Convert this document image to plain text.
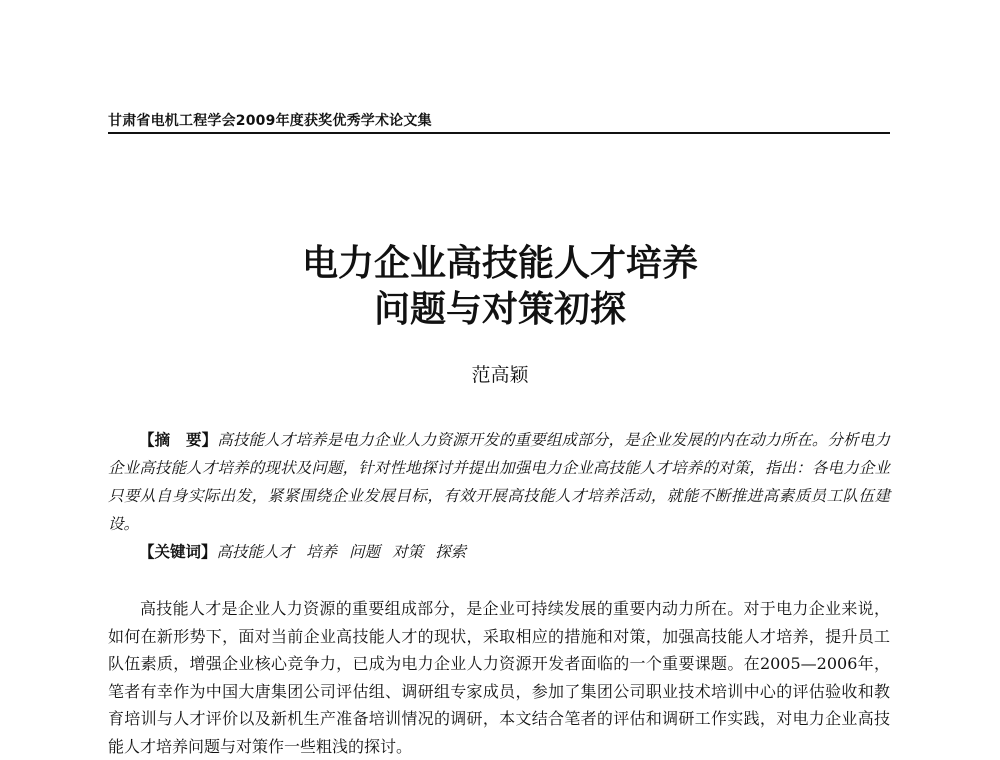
甘肃省电机工程学会2009年度获奖优秀学术论文集
电力企业高技能人才培养
问题与对策初探
范高颖
【摘　要】高技能人才培养是电力企业人力资源开发的重要组成部分，是企业发展的内在动力所在。分析电力企业高技能人才培养的现状及问题，针对性地探讨并提出加强电力企业高技能人才培养的对策，指出：各电力企业只要从自身实际出发，紧紧围绕企业发展目标，有效开展高技能人才培养活动，就能不断推进高素质员工队伍建设。
【关键词】高技能人才 培养 问题 对策 探索
高技能人才是企业人力资源的重要组成部分，是企业可持续发展的重要内动力所在。对于电力企业来说，如何在新形势下，面对当前企业高技能人才的现状，采取相应的措施和对策，加强高技能人才培养，提升员工队伍素质，增强企业核心竞争力，已成为电力企业人力资源开发者面临的一个重要课题。在2005—2006年，笔者有幸作为中国大唐集团公司评估组、调研组专家成员，参加了集团公司职业技术培训中心的评估验收和教育培训与人才评价以及新机生产准备培训情况的调研，本文结合笔者的评估和调研工作实践，对电力企业高技能人才培养问题与对策作一些粗浅的探讨。
